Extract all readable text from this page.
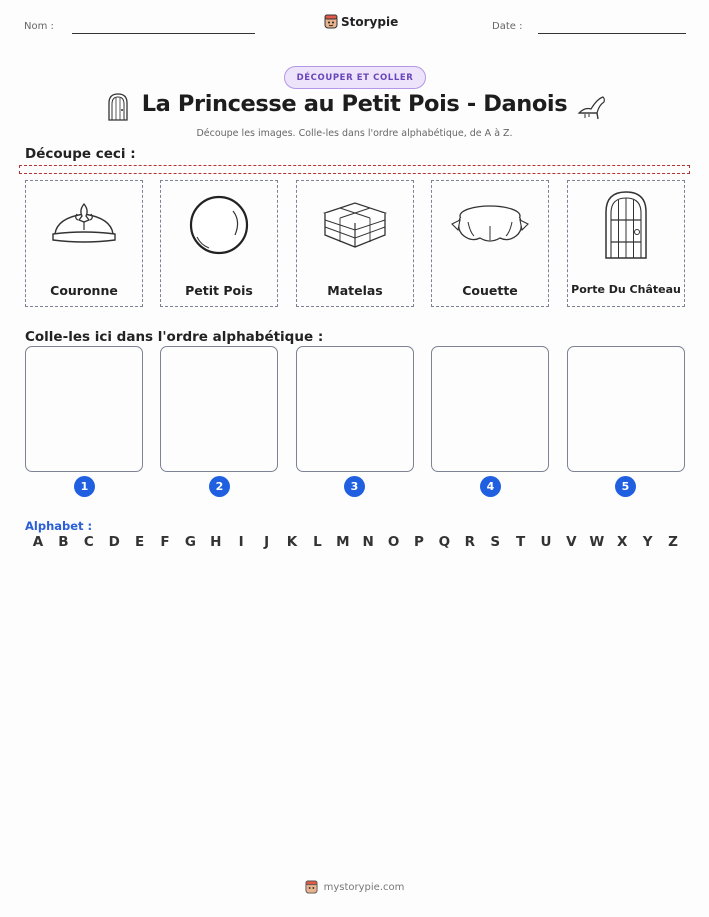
Nom :	Storypie	Date :
DÉCOUPER ET COLLER
La Princesse au Petit Pois - Danois
Découpe les images. Colle-les dans l'ordre alphabétique, de A à Z.
Découpe ceci :
Couronne	Petit Pois	Matelas	Couette	Porte Du Château
Colle-les ici dans l'ordre alphabétique :
1	2	3	4	5
Alphabet :
A	B	C	D	E	F	G	H	I	J	K	L	M N	O	P	Q	R	S	T	U	V W X	Y	Z
mystorypie.com
